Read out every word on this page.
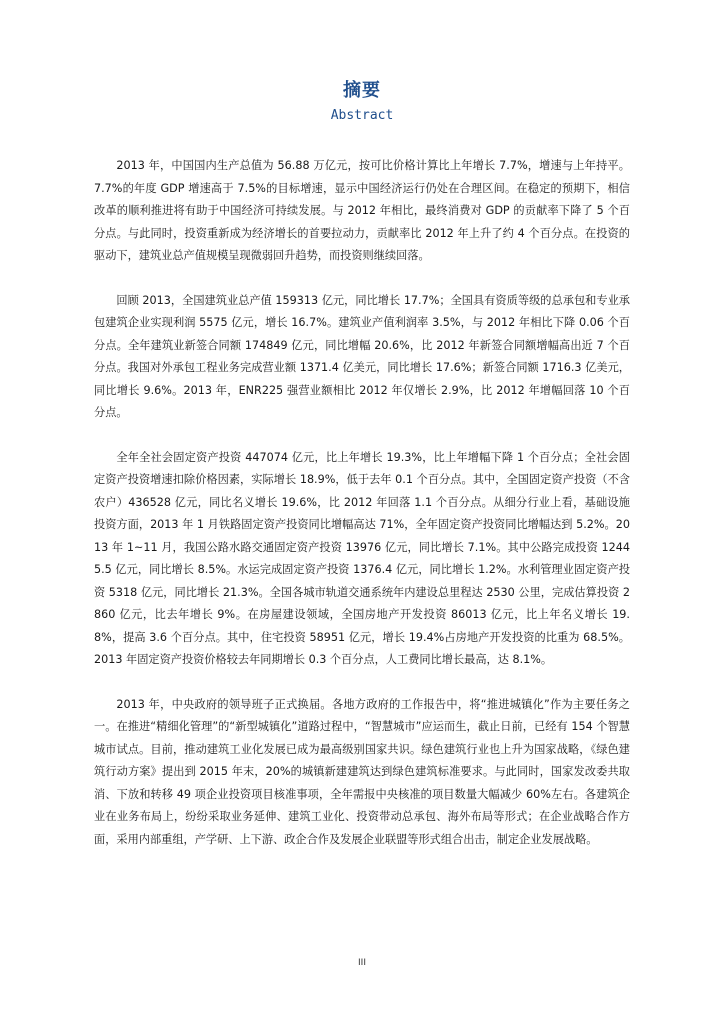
摘要
Abstract

2013 年，中国国内生产总值为 56.88 万亿元，按可比价格计算比上年增长 7.7%，增速与上年持平。7.7%的年度 GDP 增速高于 7.5%的目标增速，显示中国经济运行仍处在合理区间。在稳定的预期下，相信改革的顺利推进将有助于中国经济可持续发展。与 2012 年相比，最终消费对 GDP 的贡献率下降了 5 个百分点。与此同时，投资重新成为经济增长的首要拉动力，贡献率比 2012 年上升了约 4 个百分点。在投资的驱动下，建筑业总产值规模呈现微弱回升趋势，而投资则继续回落。

回顾 2013，全国建筑业总产值 159313 亿元，同比增长 17.7%；全国具有资质等级的总承包和专业承包建筑企业实现利润 5575 亿元，增长 16.7%。建筑业产值利润率 3.5%，与 2012 年相比下降 0.06 个百分点。全年建筑业新签合同额 174849 亿元，同比增幅 20.6%，比 2012 年新签合同额增幅高出近 7 个百分点。我国对外承包工程业务完成营业额 1371.4 亿美元，同比增长 17.6%；新签合同额 1716.3 亿美元，同比增长 9.6%。2013 年，ENR225 强营业额相比 2012 年仅增长 2.9%，比 2012 年增幅回落 10 个百分点。

全年全社会固定资产投资 447074 亿元，比上年增长 19.3%，比上年增幅下降 1 个百分点；全社会固定资产投资增速扣除价格因素，实际增长 18.9%，低于去年 0.1 个百分点。其中，全国固定资产投资（不含农户）436528 亿元，同比名义增长 19.6%，比 2012 年回落 1.1 个百分点。从细分行业上看，基础设施投资方面，2013 年 1 月铁路固定资产投资同比增幅高达 71%，全年固定资产投资同比增幅达到 5.2%。2013 年 1~11 月，我国公路水路交通固定资产投资 13976 亿元，同比增长 7.1%。其中公路完成投资 12445.5 亿元，同比增长 8.5%。水运完成固定资产投资 1376.4 亿元，同比增长 1.2%。水利管理业固定资产投资 5318 亿元，同比增长 21.3%。全国各城市轨道交通系统年内建设总里程达 2530 公里，完成估算投资 2860 亿元，比去年增长 9%。在房屋建设领域，全国房地产开发投资 86013 亿元，比上年名义增长 19.8%，提高 3.6 个百分点。其中，住宅投资 58951 亿元，增长 19.4%占房地产开发投资的比重为 68.5%。2013 年固定资产投资价格较去年同期增长 0.3 个百分点，人工费同比增长最高，达 8.1%。

2013 年，中央政府的领导班子正式换届。各地方政府的工作报告中，将“推进城镇化”作为主要任务之一。在推进“精细化管理”的“新型城镇化”道路过程中，“智慧城市”应运而生，截止日前，已经有 154 个智慧城市试点。目前，推动建筑工业化发展已成为最高级别国家共识。绿色建筑行业也上升为国家战略，《绿色建筑行动方案》提出到 2015 年末，20%的城镇新建建筑达到绿色建筑标准要求。与此同时，国家发改委共取消、下放和转移 49 项企业投资项目核准事项，全年需报中央核准的项目数量大幅减少 60%左右。各建筑企业在业务布局上，纷纷采取业务延伸、建筑工业化、投资带动总承包、海外布局等形式；在企业战略合作方面，采用内部重组，产学研、上下游、政企合作及发展企业联盟等形式组合出击，制定企业发展战略。

III
